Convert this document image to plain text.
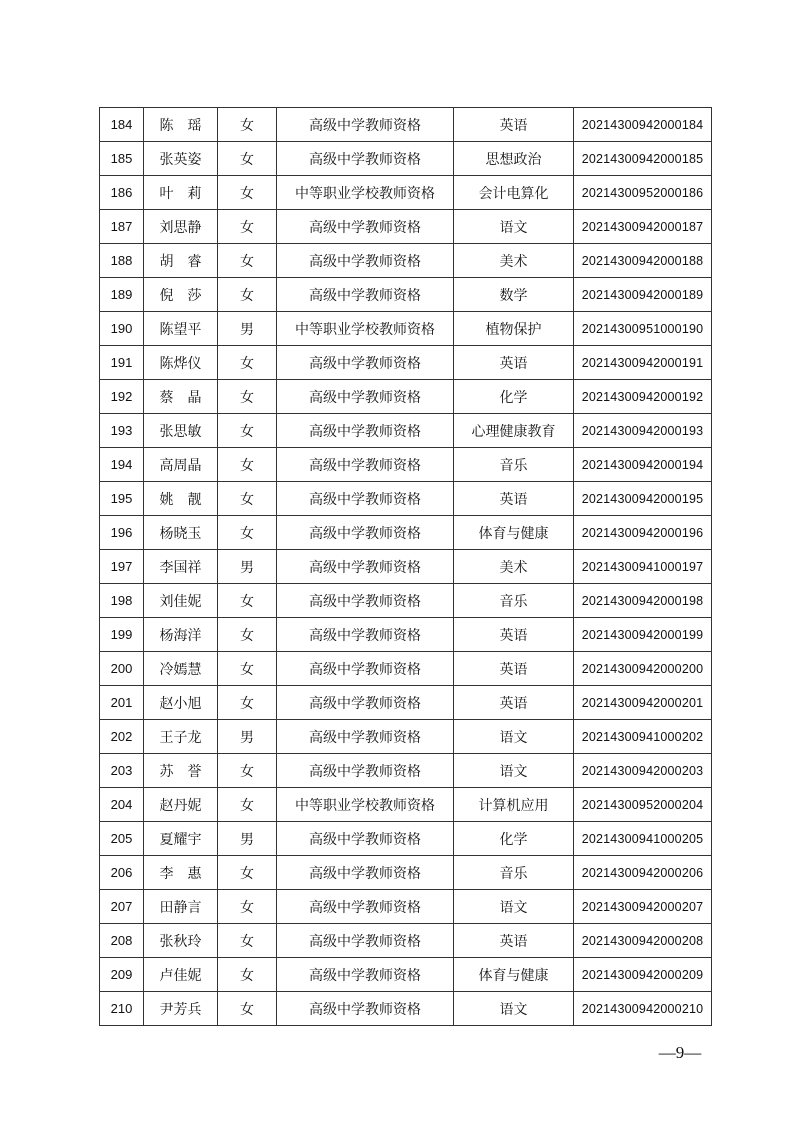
184	陈　瑶	女	高级中学教师资格	英语	20214300942000184
185	张英姿	女	高级中学教师资格	思想政治	20214300942000185
186	叶　莉	女	中等职业学校教师资格	会计电算化	20214300952000186
187	刘思静	女	高级中学教师资格	语文	20214300942000187
188	胡　睿	女	高级中学教师资格	美术	20214300942000188
189	倪　莎	女	高级中学教师资格	数学	20214300942000189
190	陈望平	男	中等职业学校教师资格	植物保护	20214300951000190
191	陈烨仪	女	高级中学教师资格	英语	20214300942000191
192	蔡　晶	女	高级中学教师资格	化学	20214300942000192
193	张思敏	女	高级中学教师资格	心理健康教育	20214300942000193
194	高周晶	女	高级中学教师资格	音乐	20214300942000194
195	姚　靓	女	高级中学教师资格	英语	20214300942000195
196	杨晓玉	女	高级中学教师资格	体育与健康	20214300942000196
197	李国祥	男	高级中学教师资格	美术	20214300941000197
198	刘佳妮	女	高级中学教师资格	音乐	20214300942000198
199	杨海洋	女	高级中学教师资格	英语	20214300942000199
200	冷嫣慧	女	高级中学教师资格	英语	20214300942000200
201	赵小旭	女	高级中学教师资格	英语	20214300942000201
202	王子龙	男	高级中学教师资格	语文	20214300941000202
203	苏　誉	女	高级中学教师资格	语文	20214300942000203
204	赵丹妮	女	中等职业学校教师资格	计算机应用	20214300952000204
205	夏耀宇	男	高级中学教师资格	化学	20214300941000205
206	李　惠	女	高级中学教师资格	音乐	20214300942000206
207	田静言	女	高级中学教师资格	语文	20214300942000207
208	张秋玲	女	高级中学教师资格	英语	20214300942000208
209	卢佳妮	女	高级中学教师资格	体育与健康	20214300942000209
210	尹芳兵	女	高级中学教师资格	语文	20214300942000210
—9—
